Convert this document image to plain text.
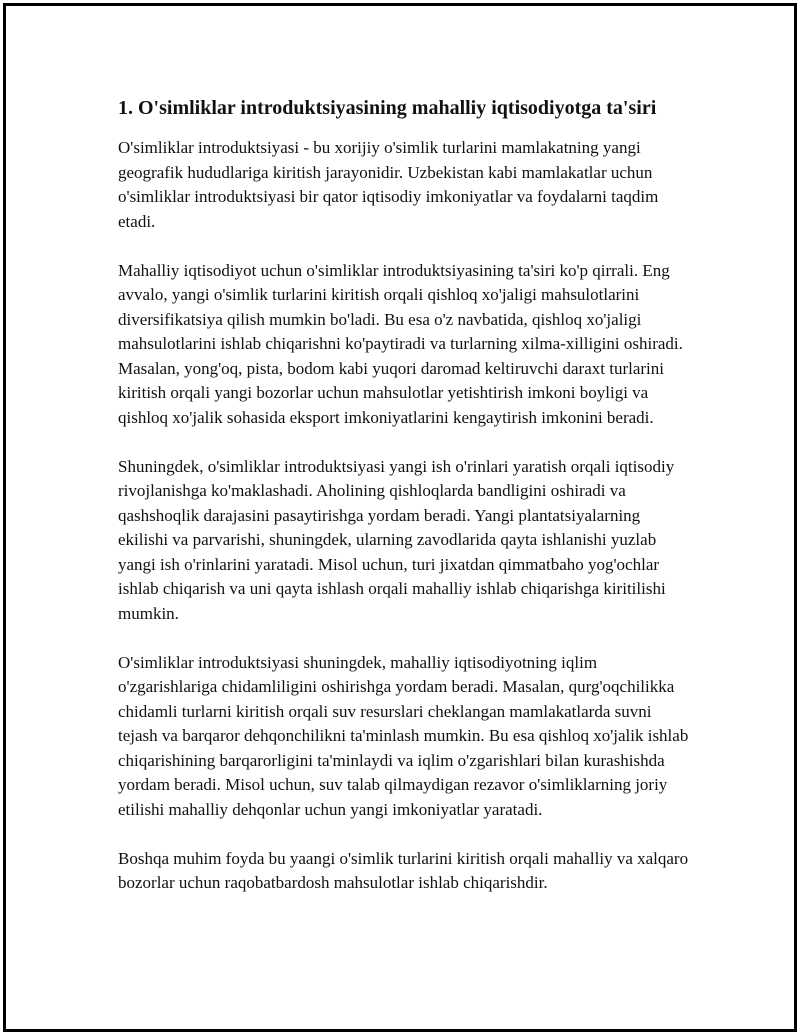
1. O'simliklar introduktsiyasining mahalliy iqtisodiyotga ta'siri

O'simliklar introduktsiyasi - bu xorijiy o'simlik turlarini mamlakatning yangi geografik hududlariga kiritish jarayonidir. Uzbekistan kabi mamlakatlar uchun o'simliklar introduktsiyasi bir qator iqtisodiy imkoniyatlar va foydalarni taqdim etadi.

Mahalliy iqtisodiyot uchun o'simliklar introduktsiyasining ta'siri ko'p qirrali. Eng avvalo, yangi o'simlik turlarini kiritish orqali qishloq xo'jaligi mahsulotlarini diversifikatsiya qilish mumkin bo'ladi. Bu esa o'z navbatida, qishloq xo'jaligi mahsulotlarini ishlab chiqarishni ko'paytiradi va turlarning xilma-xilligini oshiradi. Masalan, yong'oq, pista, bodom kabi yuqori daromad keltiruvchi daraxt turlarini kiritish orqali yangi bozorlar uchun mahsulotlar yetishtirish imkoni boyligi va qishloq xo'jalik sohasida eksport imkoniyatlarini kengaytirish imkonini beradi.

Shuningdek, o'simliklar introduktsiyasi yangi ish o'rinlari yaratish orqali iqtisodiy rivojlanishga ko'maklashadi. Aholining qishloqlarda bandligini oshiradi va qashshoqlik darajasini pasaytirishga yordam beradi. Yangi plantatsiyalarning ekilishi va parvarishi, shuningdek, ularning zavodlarida qayta ishlanishi yuzlab yangi ish o'rinlarini yaratadi. Misol uchun, turi jixatdan qimmatbaho yog'ochlar ishlab chiqarish va uni qayta ishlash orqali mahalliy ishlab chiqarishga kiritilishi mumkin.

O'simliklar introduktsiyasi shuningdek, mahalliy iqtisodiyotning iqlim o'zgarishlariga chidamliligini oshirishga yordam beradi. Masalan, qurg'oqchilikka chidamli turlarni kiritish orqali suv resurslari cheklangan mamlakatlarda suvni tejash va barqaror dehqonchilikni ta'minlash mumkin. Bu esa qishloq xo'jalik ishlab chiqarishining barqarorligini ta'minlaydi va iqlim o'zgarishlari bilan kurashishda yordam beradi. Misol uchun, suv talab qilmaydigan rezavor o'simliklarning joriy etilishi mahalliy dehqonlar uchun yangi imkoniyatlar yaratadi.

Boshqa muhim foyda bu yaangi o'simlik turlarini kiritish orqali mahalliy va xalqaro bozorlar uchun raqobatbardosh mahsulotlar ishlab chiqarishdir.
